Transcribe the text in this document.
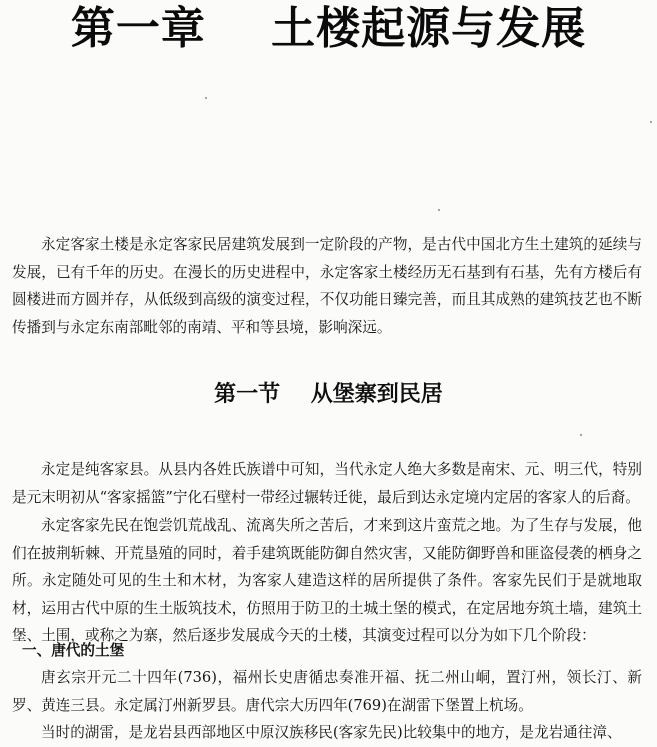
第一章    土楼起源与发展
永定客家土楼是永定客家民居建筑发展到一定阶段的产物，是古代中国北方生土建筑的延续与发展，已有千年的历史。在漫长的历史进程中，永定客家土楼经历无石基到有石基，先有方楼后有圆楼进而方圆并存，从低级到高级的演变过程，不仅功能日臻完善，而且其成熟的建筑技艺也不断传播到与永定东南部毗邻的南靖、平和等县境，影响深远。
第一节    从堡寨到民居
永定是纯客家县。从县内各姓氏族谱中可知，当代永定人绝大多数是南宋、元、明三代，特别是元末明初从“客家摇篮”宁化石壁村一带经过辗转迁徙，最后到达永定境内定居的客家人的后裔。
永定客家先民在饱尝饥荒战乱、流离失所之苦后，才来到这片蛮荒之地。为了生存与发展，他们在披荆斩棘、开荒垦殖的同时，着手建筑既能防御自然灾害，又能防御野兽和匪盗侵袭的栖身之所。永定随处可见的生土和木材，为客家人建造这样的居所提供了条件。客家先民们于是就地取材，运用古代中原的生土版筑技术，仿照用于防卫的土城土堡的模式，在定居地夯筑土墙，建筑土堡、土围，或称之为寨，然后逐步发展成今天的土楼，其演变过程可以分为如下几个阶段：
一、唐代的土堡
唐玄宗开元二十四年(736)，福州长史唐循忠奏准开福、抚二州山峒，置汀州，领长汀、新罗、黄连三县。永定属汀州新罗县。唐代宗大历四年(769)在湖雷下堡置上杭场。
当时的湖雷，是龙岩县西部地区中原汉族移民(客家先民)比较集中的地方，是龙岩通往漳、
